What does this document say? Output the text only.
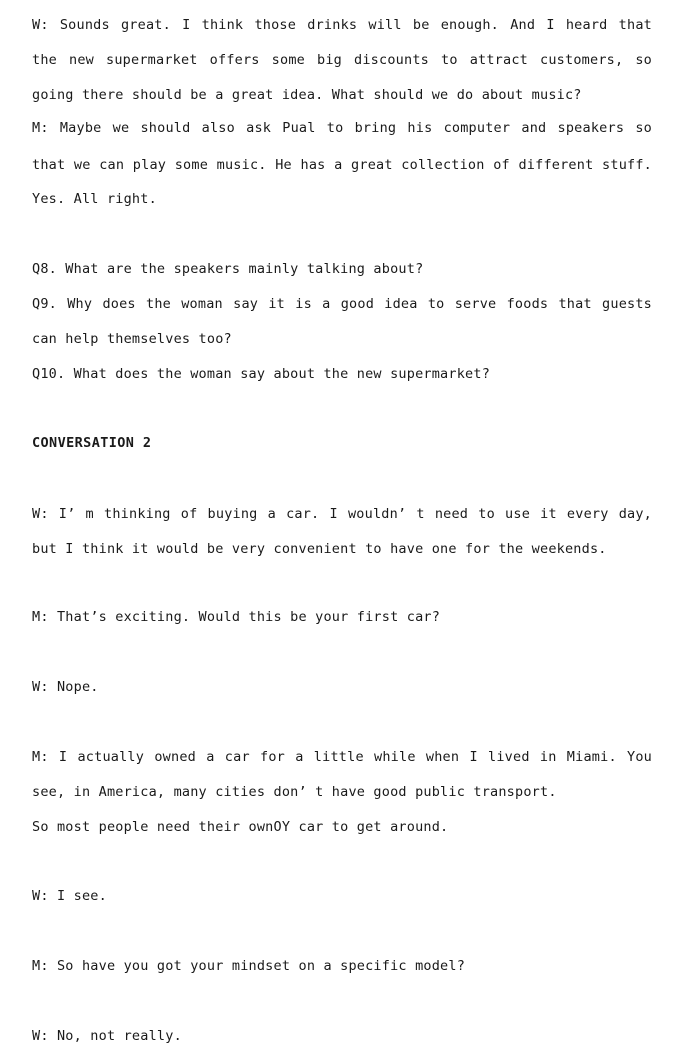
W: Sounds great. I think those drinks will be enough. And I heard that
the new supermarket offers some big discounts to attract customers, so
going there should be a great idea. What should we do about music?
M: Maybe we should also ask Pual to bring his computer and speakers so
that we can play some music. He has a great collection of different stuff.
Yes. All right.
Q8. What are the speakers mainly talking about?
Q9. Why does the woman say it is a good idea to serve foods that guests
can help themselves too?
Q10. What does the woman say about the new supermarket?
CONVERSATION 2
W: I’ m thinking of buying a car. I wouldn’ t need to use it every day,
but I think it would be very convenient to have one for the weekends.
M: That’s exciting. Would this be your first car?
W: Nope.
M: I actually owned a car for a little while when I lived in Miami. You
see, in America, many cities don’ t have good public transport.
So most people need their ownOY car to get around.
W: I see.
M: So have you got your mindset on a specific model?
W: No, not really.
